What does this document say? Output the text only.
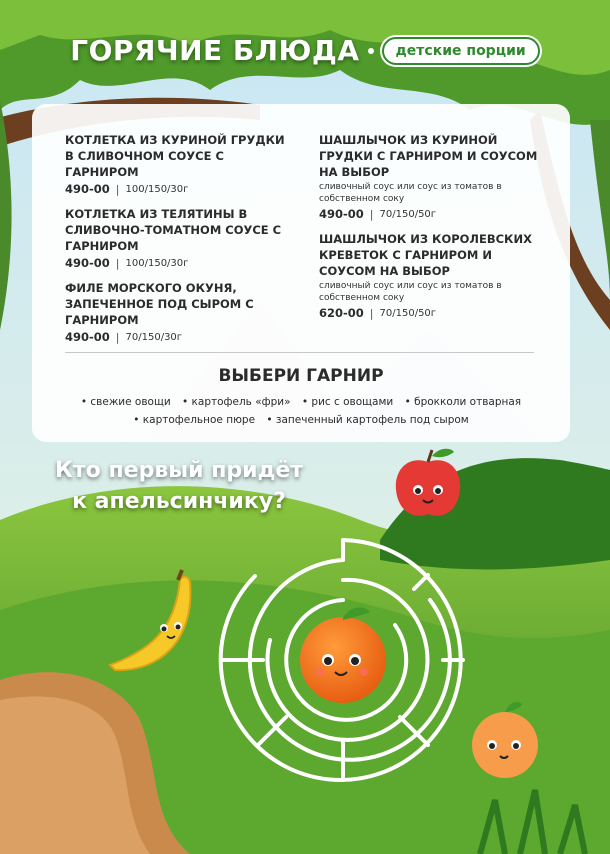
ГОРЯЧИЕ БЛЮДА	детские порции
КОТЛЕТКА ИЗ КУРИНОЙ ГРУДКИ В СЛИВОЧНОМ СОУСЕ С ГАРНИРОМ
490-00 | 100/150/30г
КОТЛЕТКА ИЗ ТЕЛЯТИНЫ В СЛИВОЧНО-ТОМАТНОМ СОУСЕ С ГАРНИРОМ
490-00 | 100/150/30г
ФИЛЕ МОРСКОГО ОКУНЯ, ЗАПЕЧЕННОЕ ПОД СЫРОМ С ГАРНИРОМ
490-00 | 70/150/30г
ШАШЛЫЧОК ИЗ КУРИНОЙ ГРУДКИ С ГАРНИРОМ И СОУСОМ НА ВЫБОР
сливочный соус или соус из томатов в собственном соку
490-00 | 70/150/50г
ШАШЛЫЧОК ИЗ КОРОЛЕВСКИХ КРЕВЕТОК С ГАРНИРОМ И СОУСОМ НА ВЫБОР
сливочный соус или соус из томатов в собственном соку
620-00 | 70/150/50г
ВЫБЕРИ ГАРНИР
• свежие овощи • картофель «фри» • рис с овощами • брокколи отварная
• картофельное пюре • запеченный картофель под сыром
Кто первый придёт
к апельсинчику?
